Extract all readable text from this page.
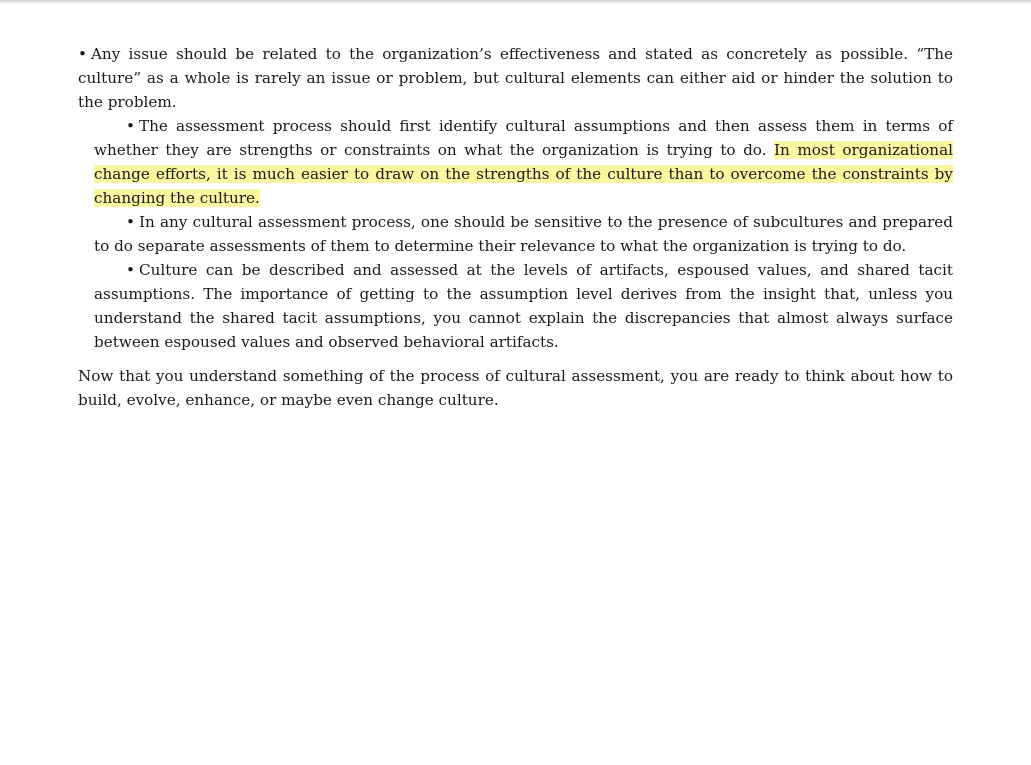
• Any issue should be related to the organization’s effectiveness and stated as concretely as possible. “The culture” as a whole is rarely an issue or problem, but cultural elements can either aid or hinder the solution to the problem.

• The assessment process should first identify cultural assumptions and then assess them in terms of whether they are strengths or constraints on what the organization is trying to do. In most organizational change efforts, it is much easier to draw on the strengths of the culture than to overcome the constraints by changing the culture.

• In any cultural assessment process, one should be sensitive to the presence of subcultures and prepared to do separate assessments of them to determine their relevance to what the organization is trying to do.

• Culture can be described and assessed at the levels of artifacts, espoused values, and shared tacit assumptions. The importance of getting to the assumption level derives from the insight that, unless you understand the shared tacit assumptions, you cannot explain the discrepancies that almost always surface between espoused values and observed behavioral artifacts.

Now that you understand something of the process of cultural assessment, you are ready to think about how to build, evolve, enhance, or maybe even change culture.
